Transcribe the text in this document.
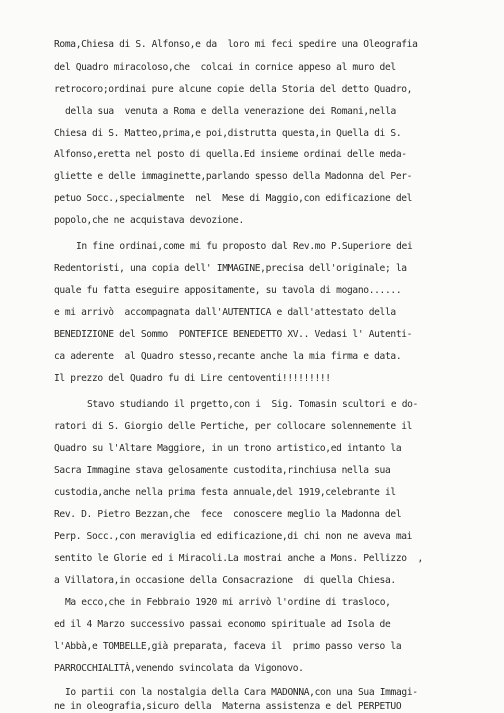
Roma,Chiesa di S. Alfonso,e da  loro mi feci spedire una Oleografia
del Quadro miracoloso,che  colcai in cornice appeso al muro del
retrocoro;ordinai pure alcune copie della Storia del detto Quadro,
della sua  venuta a Roma e della venerazione dei Romani,nella
Chiesa di S. Matteo,prima,e poi,distrutta questa,in Quella di S.
Alfonso,eretta nel posto di quella.Ed insieme ordinai delle meda-
gliette e delle immaginette,parlando spesso della Madonna del Per-
petuo Socc.,specialmente  nel  Mese di Maggio,con edificazione del
popolo,che ne acquistava devozione.
In fine ordinai,come mi fu proposto dal Rev.mo P.Superiore dei
Redentoristi, una copia dell' IMMAGINE,precisa dell'originale; la
quale fu fatta eseguire appositamente, su tavola di mogano......
e mi arrivò  accompagnata dall'AUTENTICA e dall'attestato della
BENEDIZIONE del Sommo  PONTEFICE BENEDETTO XV.. Vedasi l' Autenti-
ca aderente  al Quadro stesso,recante anche la mia firma e data.
Il prezzo del Quadro fu di Lire centoventi!!!!!!!!!
Stavo studiando il prgetto,con i  Sig. Tomasin scultori e do-
ratori di S. Giorgio delle Pertiche, per collocare solennemente il
Quadro su l'Altare Maggiore, in un trono artistico,ed intanto la
Sacra Immagine stava gelosamente custodita,rinchiusa nella sua
custodia,anche nella prima festa annuale,del 1919,celebrante il
Rev. D. Pietro Bezzan,che  fece  conoscere meglio la Madonna del
Perp. Socc.,con meraviglia ed edificazione,di chi non ne aveva mai
sentito le Glorie ed i Miracoli.La mostrai anche a Mons. Pellizzo  ,
a Villatora,in occasione della Consacrazione  di quella Chiesa.
Ma ecco,che in Febbraio 1920 mi arrivò l'ordine di trasloco,
ed il 4 Marzo successivo passai economo spirituale ad Isola de
l'Abbà,e TOMBELLE,già preparata, faceva il  primo passo verso la
PARROCCHIALITÀ,venendo svincolata da Vigonovo.
Io partii con la nostalgia della Cara MADONNA,con una Sua Immagi-
ne in oleografia,sicuro della  Materna assistenza e del PERPETUO
